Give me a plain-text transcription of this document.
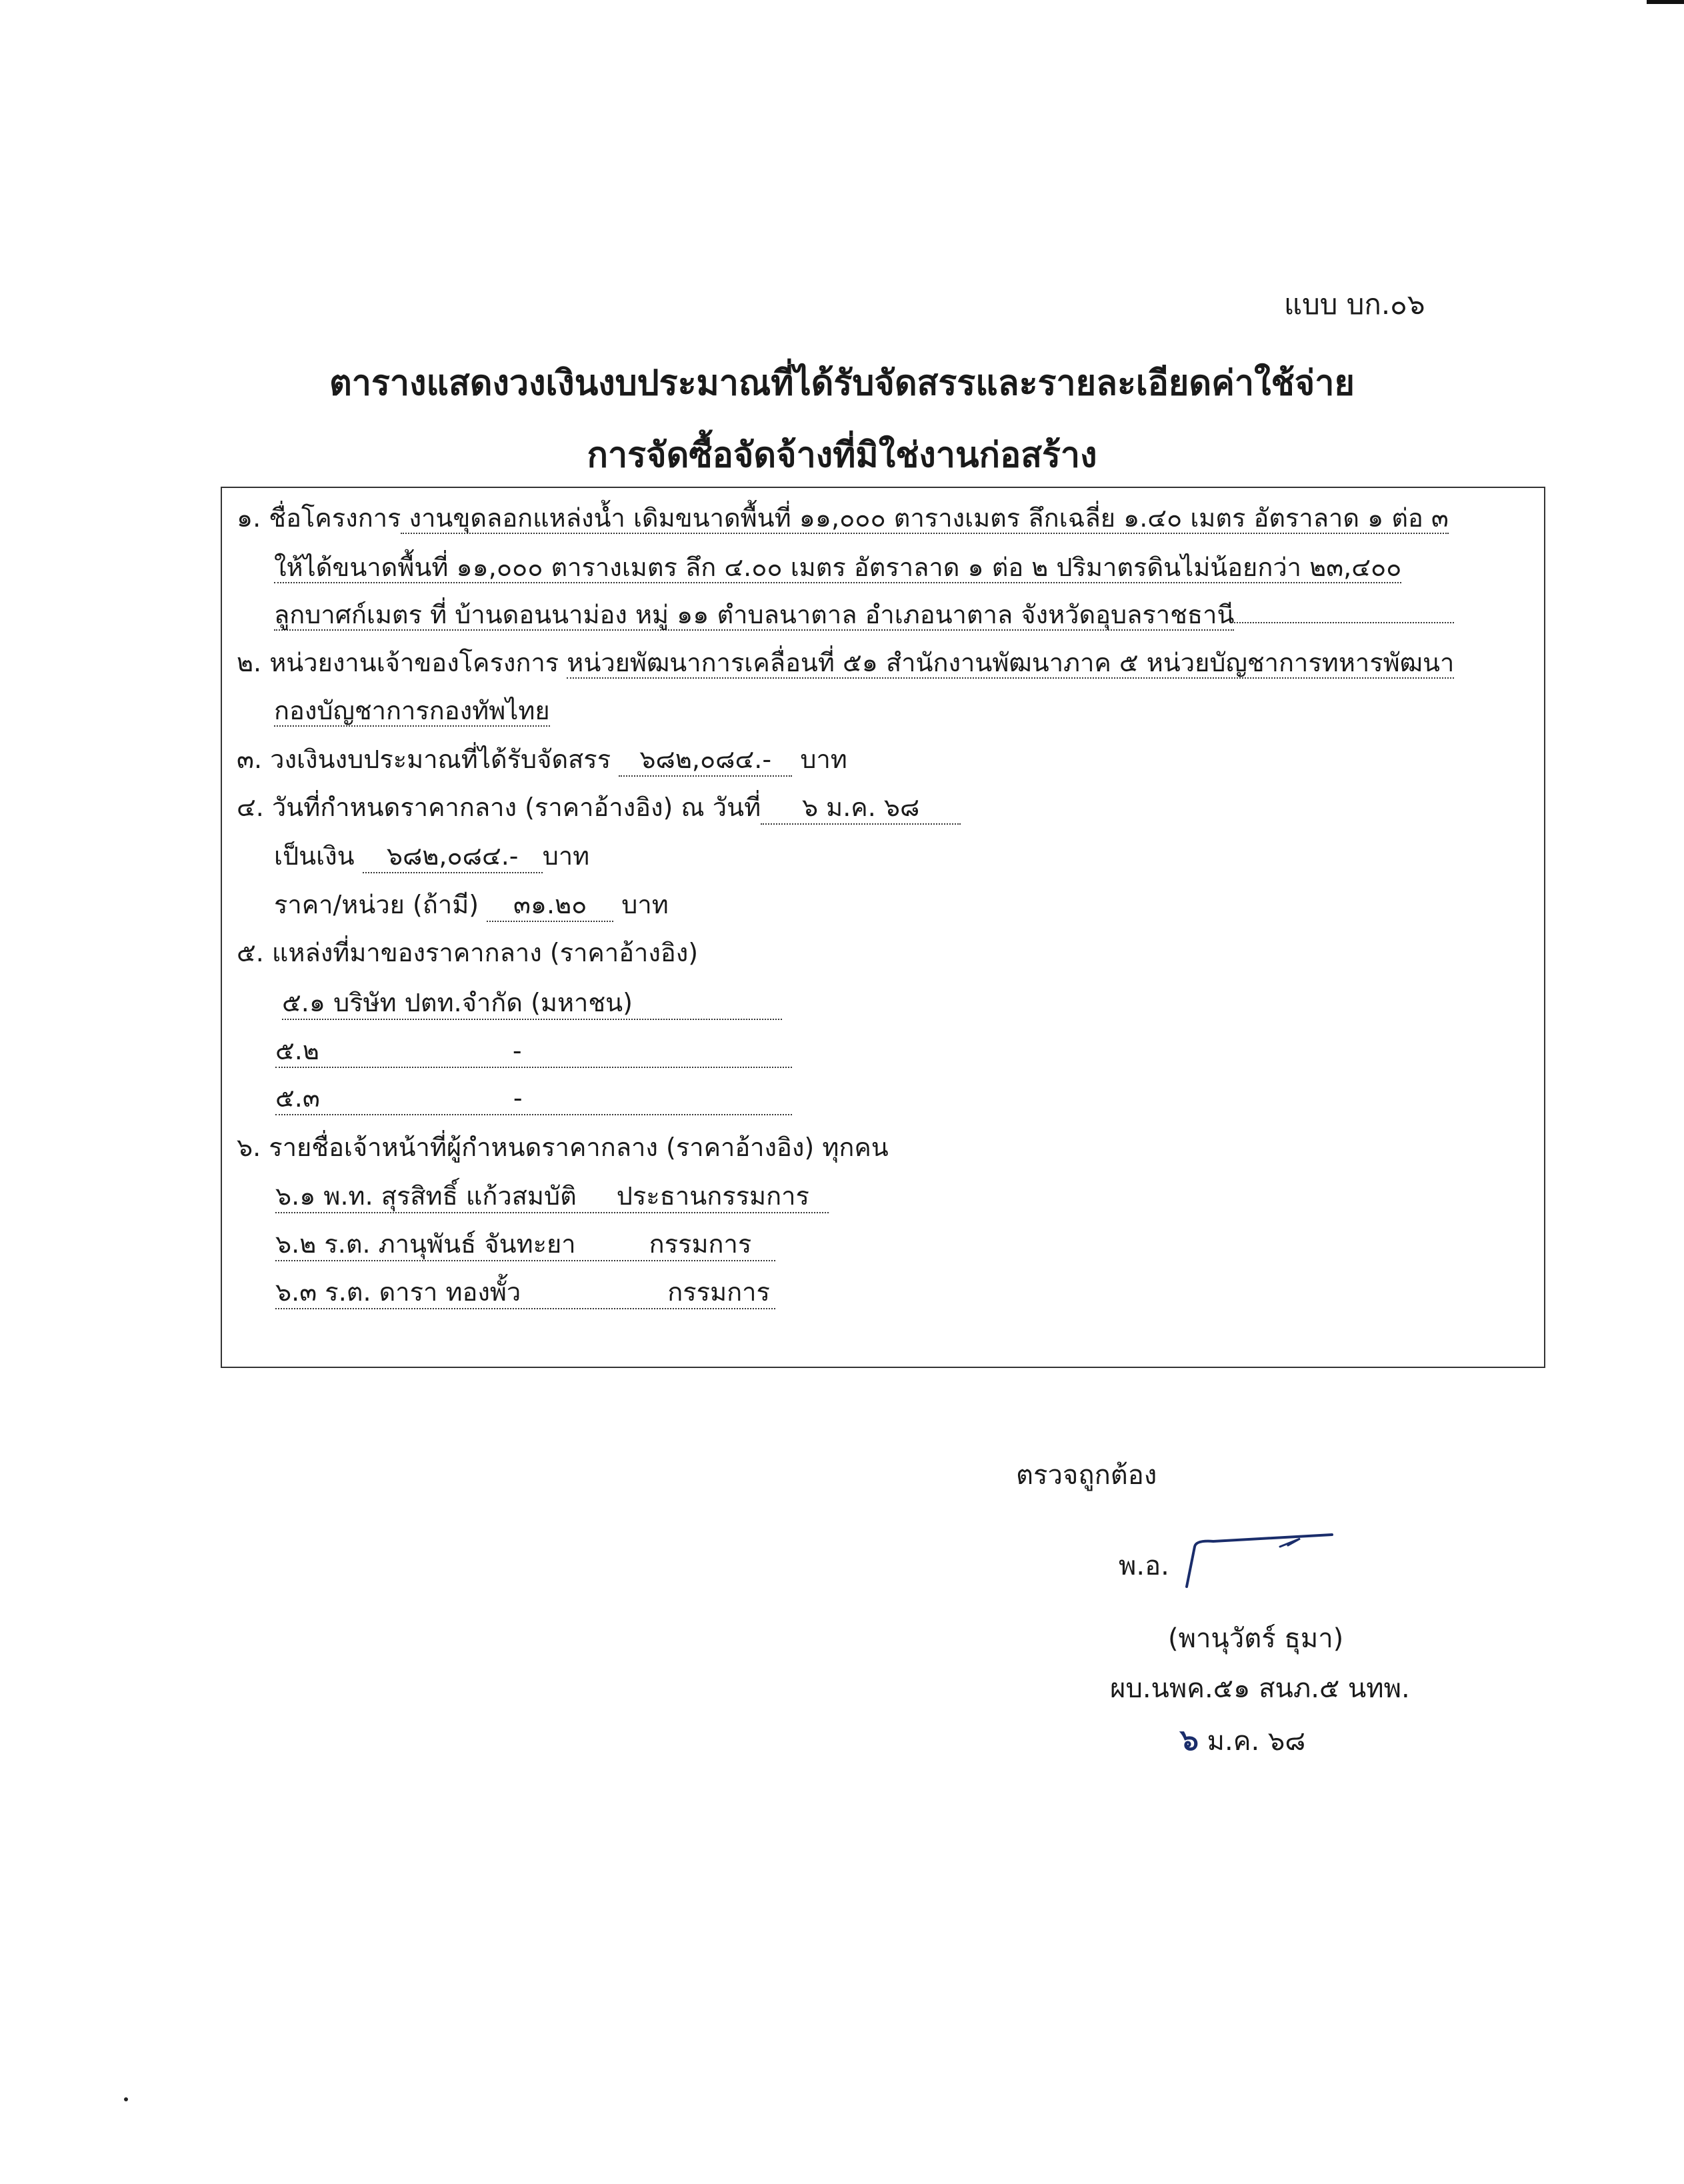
แบบ บก.๐๖
ตารางแสดงวงเงินงบประมาณที่ได้รับจัดสรรและรายละเอียดค่าใช้จ่าย
การจัดซื้อจัดจ้างที่มิใช่งานก่อสร้าง
๑. ชื่อโครงการ งานขุดลอกแหล่งน้ำ เดิมขนาดพื้นที่ ๑๑,๐๐๐ ตารางเมตร ลึกเฉลี่ย ๑.๔๐ เมตร อัตราลาด ๑ ต่อ ๓
ให้ได้ขนาดพื้นที่ ๑๑,๐๐๐ ตารางเมตร ลึก ๔.๐๐ เมตร อัตราลาด ๑ ต่อ ๒ ปริมาตรดินไม่น้อยกว่า ๒๓,๔๐๐
ลูกบาศก์เมตร ที่ บ้านดอนนาม่อง หมู่ ๑๑ ตำบลนาตาล อำเภอนาตาล จังหวัดอุบลราชธานี
๒. หน่วยงานเจ้าของโครงการ หน่วยพัฒนาการเคลื่อนที่ ๕๑ สำนักงานพัฒนาภาค ๕ หน่วยบัญชาการทหารพัฒนา
กองบัญชาการกองทัพไทย
๓. วงเงินงบประมาณที่ได้รับจัดสรร ๖๘๒,๐๘๔.- บาท
๔. วันที่กำหนดราคากลาง (ราคาอ้างอิง) ณ วันที่ ๖ ม.ค. ๖๘
เป็นเงิน ๖๘๒,๐๘๔.- บาท
ราคา/หน่วย (ถ้ามี) ๓๑.๒๐ บาท
๕. แหล่งที่มาของราคากลาง (ราคาอ้างอิง)
๕.๑ บริษัท ปตท.จำกัด (มหาชน)
๕.๒	-
๕.๓	-
๖. รายชื่อเจ้าหน้าที่ผู้กำหนดราคากลาง (ราคาอ้างอิง) ทุกคน
๖.๑ พ.ท. สุรสิทธิ์ แก้วสมบัติ ประธานกรรมการ
๖.๒ ร.ต. ภานุพันธ์ จันทะยา	กรรมการ
๖.๓ ร.ต. ดารา ทองพั้ว	กรรมการ
ตรวจถูกต้อง
พ.อ.
(พานุวัตร์ ธุมา)
ผบ.นพค.๕๑ สนภ.๕ นทพ.
๖ ม.ค. ๖๘
